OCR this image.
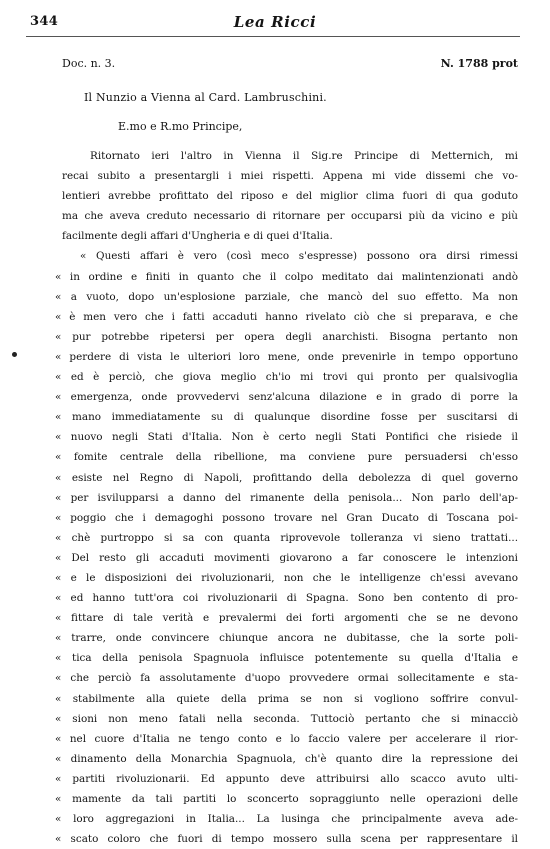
344	Lea Ricci
Doc. n. 3.	N. 1788 prot
Il Nunzio a Vienna al Card. Lambruschini.
E.mo e R.mo Principe,
Ritornato ieri l'altro in Vienna il Sig.re Principe di Metternich, mi
recai subito a presentargli i miei rispetti. Appena mi vide dissemi che vo-
lentieri avrebbe profittato del riposo e del miglior clima fuori di qua goduto
ma che aveva creduto necessario di ritornare per occuparsi più da vicino e più
facilmente degli affari d'Ungheria e di quei d'Italia.
« Questi affari è vero (così meco s'espresse) possono ora dirsi rimessi
« in ordine e finiti in quanto che il colpo meditato dai malintenzionati andò
« a vuoto, dopo un'esplosione parziale, che mancò del suo effetto. Ma non
« è men vero che i fatti accaduti hanno rivelato ciò che si preparava, e che
« pur potrebbe ripetersi per opera degli anarchisti. Bisogna pertanto non
« perdere di vista le ulteriori loro mene, onde prevenirle in tempo opportuno
« ed è perciò, che giova meglio ch'io mi trovi qui pronto per qualsivoglia
« emergenza, onde provvedervi senz'alcuna dilazione e in grado di porre la
« mano immediatamente su di qualunque disordine fosse per suscitarsi di
« nuovo negli Stati d'Italia. Non è certo negli Stati Pontifici che risiede il
« fomite centrale della ribellione, ma conviene pure persuadersi ch'esso
« esiste nel Regno di Napoli, profittando della debolezza di quel governo
« per isvilupparsi a danno del rimanente della penisola... Non parlo dell'ap-
« poggio che i demagoghi possono trovare nel Gran Ducato di Toscana poi-
« chè purtroppo si sa con quanta riprovevole tolleranza vi sieno trattati...
« Del resto gli accaduti movimenti giovarono a far conoscere le intenzioni
« e le disposizioni dei rivoluzionarii, non che le intelligenze ch'essi avevano
« ed hanno tutt'ora coi rivoluzionarii di Spagna. Sono ben contento di pro-
« fittare di tale verità e prevalermi dei forti argomenti che se ne devono
« trarre, onde convincere chiunque ancora ne dubitasse, che la sorte poli-
« tica della penisola Spagnuola influisce potentemente su quella d'Italia e
« che perciò fa assolutamente d'uopo provvedere ormai sollecitamente e sta-
« stabilmente alla quiete della prima se non si vogliono soffrire convul-
« sioni non meno fatali nella seconda. Tuttociò pertanto che si minacciò
« nel cuore d'Italia ne tengo conto e lo faccio valere per accelerare il rior-
« dinamento della Monarchia Spagnuola, ch'è quanto dire la repressione dei
« partiti rivoluzionarii. Ed appunto deve attribuirsi allo scacco avuto ulti-
« mamente da tali partiti lo sconcerto sopraggiunto nelle operazioni delle
« loro aggregazioni in Italia... La lusinga che principalmente aveva ade-
« scato coloro che fuori di tempo mossero sulla scena per rappresentare il
